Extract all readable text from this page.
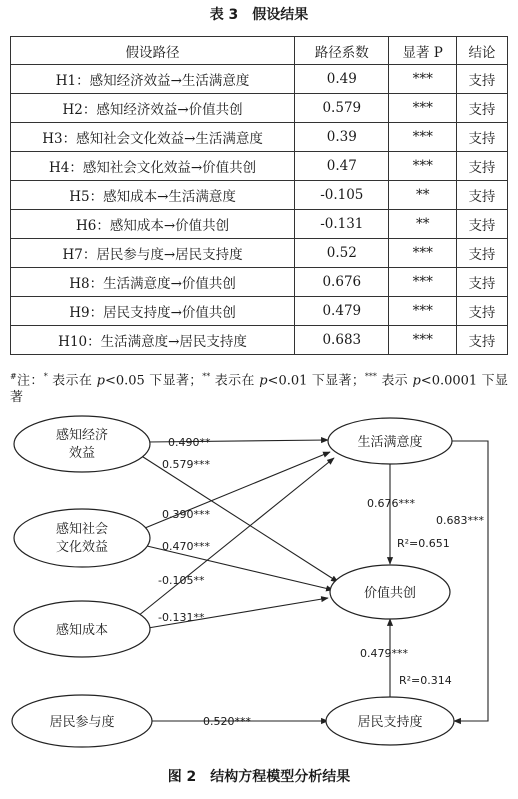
表 3　假设结果
假设路径	路径系数	显著 P	结论
H1：感知经济效益→生活满意度	0.49	***	支持
H2：感知经济效益→价值共创	0.579	***	支持
H3：感知社会文化效益→生活满意度	0.39	***	支持
H4：感知社会文化效益→价值共创	0.47	***	支持
H5：感知成本→生活满意度	-0.105	**	支持
H6：感知成本→价值共创	-0.131	**	支持
H7：居民参与度→居民支持度	0.52	***	支持
H8：生活满意度→价值共创	0.676	***	支持
H9：居民支持度→价值共创	0.479	***	支持
H10：生活满意度→居民支持度	0.683	***	支持
#注：* 表示在 p<0.05 下显著；** 表示在 p<0.01 下显著；*** 表示 p<0.0001 下显著
感知经济
效益
感知社会
文化效益
感知成本
居民参与度
生活满意度
价值共创
居民支持度
0.490**
0.579***
0.390***
0.470***
-0.105**
-0.131**
0.676***
0.683***
0.479***
0.520***
R²=0.651
R²=0.314
图 2　结构方程模型分析结果
